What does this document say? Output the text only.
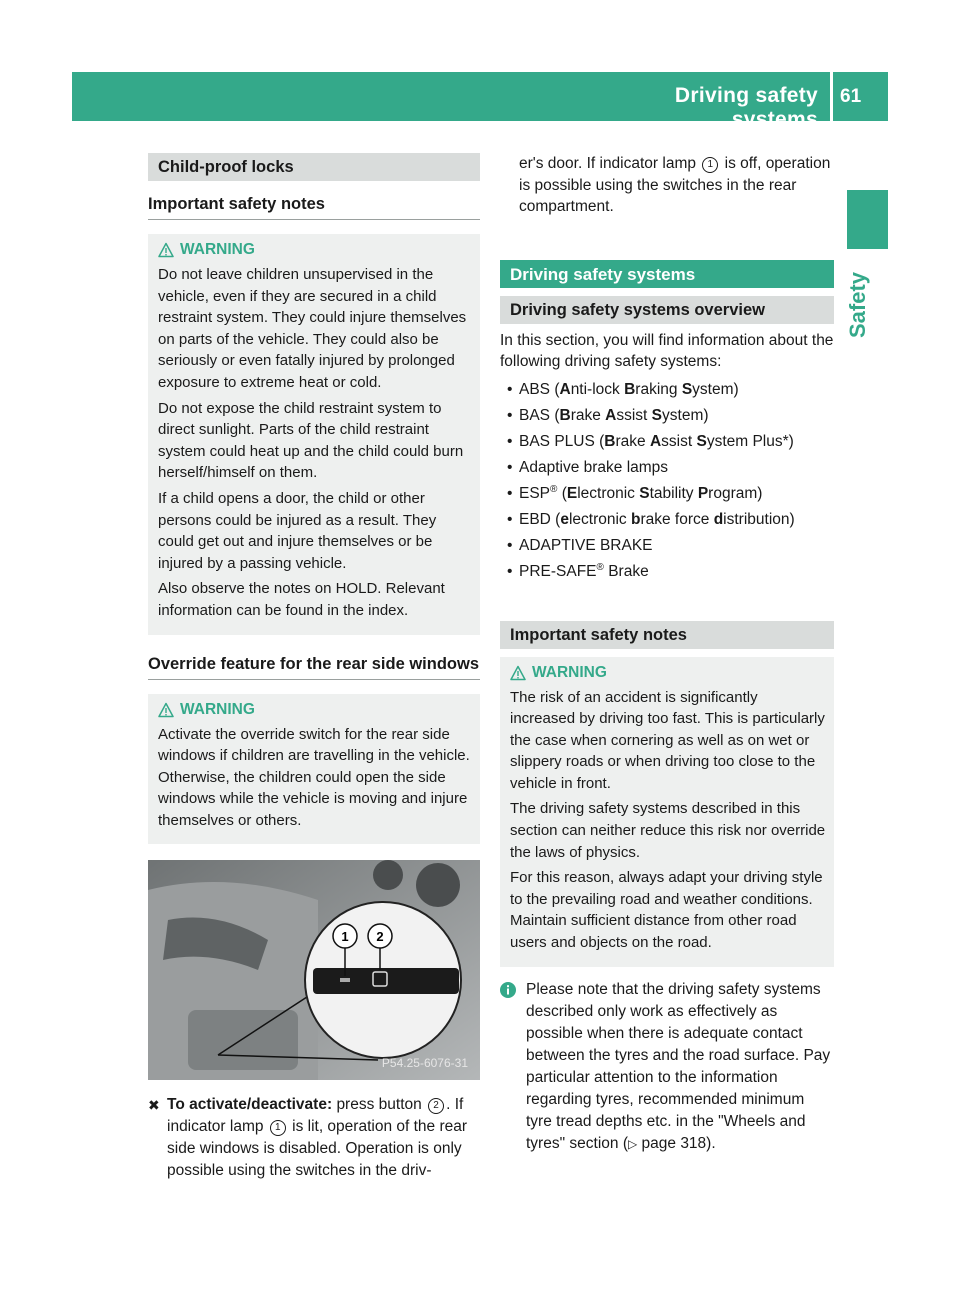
Driving safety systems
61
Safety
Child-proof locks
Important safety notes
WARNING

Do not leave children unsupervised in the vehicle, even if they are secured in a child restraint system. They could injure themselves on parts of the vehicle. They could also be seriously or even fatally injured by prolonged exposure to extreme heat or cold.

Do not expose the child restraint system to direct sunlight. Parts of the child restraint system could heat up and the child could burn herself/himself on them.

If a child opens a door, the child or other persons could be injured as a result. They could get out and injure themselves or be injured by a passing vehicle.

Also observe the notes on HOLD. Relevant information can be found in the index.

Override feature for the rear side windows
WARNING

Activate the override switch for the rear side windows if children are travelling in the vehicle. Otherwise, the children could open the side windows while the vehicle is moving and injure themselves or others.

1 2
P54.25-6076-31
✖ To activate/deactivate: press button 2 . If indicator lamp 1 is lit, operation of the rear side windows is disabled. Operation is only possible using the switches in the driv-
er's door. If indicator lamp 1 is off, operation is possible using the switches in the rear compartment.
Driving safety systems
Driving safety systems overview

In this section, you will find information about the following driving safety systems:

• ABS (Anti-lock Braking System)
• BAS (Brake Assist System)
• BAS PLUS (Brake Assist System Plus*)
• Adaptive brake lamps
• ESP® (Electronic Stability Program)
• EBD (electronic brake force distribution)
• ADAPTIVE BRAKE
• PRE-SAFE® Brake
Important safety notes
WARNING

The risk of an accident is significantly increased by driving too fast. This is particularly the case when cornering as well as on wet or slippery roads or when driving too close to the vehicle in front.

The driving safety systems described in this section can neither reduce this risk nor override the laws of physics.

For this reason, always adapt your driving style to the prevailing road and weather conditions. Maintain sufficient distance from other road users and objects on the road.

Please note that the driving safety systems described only work as effectively as possible when there is adequate contact between the tyres and the road surface. Pay particular attention to the information regarding tyres, recommended minimum tyre tread depths etc. in the "Wheels and tyres" section (▷ page 318).
